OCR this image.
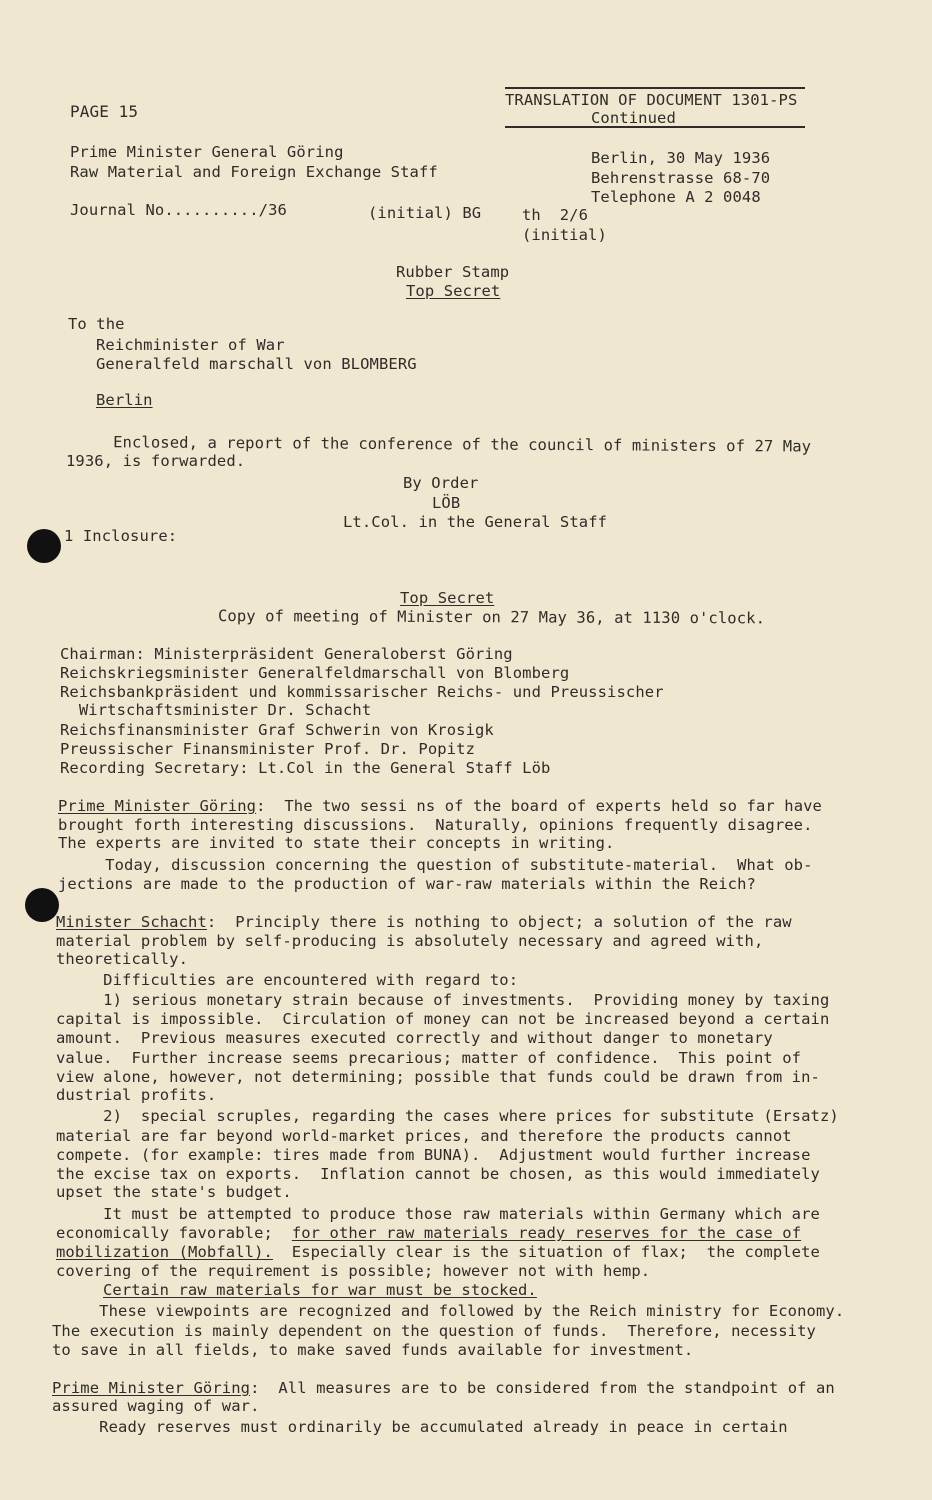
PAGE 15
TRANSLATION OF DOCUMENT 1301-PS
Continued
Prime Minister General Göring
Raw Material and Foreign Exchange Staff
Berlin, 30 May 1936
Behrenstrasse 68-70
Telephone A 2 0048
Journal No........../36	(initial) BG	th  2/6
(initial)
Rubber Stamp
Top Secret
To the
Reichminister of War
Generalfeld marschall von BLOMBERG
Berlin
Enclosed, a report of the conference of the council of ministers of 27 May
1936, is forwarded.
By Order
LÖB
Lt.Col. in the General Staff
1 Inclosure:
Top Secret
Copy of meeting of Minister on 27 May 36, at 1130 o'clock.
Chairman: Ministerpräsident Generaloberst Göring
Reichskriegsminister Generalfeldmarschall von Blomberg
Reichsbankpräsident und kommissarischer Reichs- und Preussischer
Wirtschaftsminister Dr. Schacht
Reichsfinansminister Graf Schwerin von Krosigk
Preussischer Finansminister Prof. Dr. Popitz
Recording Secretary: Lt.Col in the General Staff Löb
Prime Minister Göring:  The two sessi ns of the board of experts held so far have
brought forth interesting discussions.  Naturally, opinions frequently disagree.
The experts are invited to state their concepts in writing.
Today, discussion concerning the question of substitute-material.  What ob-
jections are made to the production of war-raw materials within the Reich?
Minister Schacht:  Principly there is nothing to object; a solution of the raw
material problem by self-producing is absolutely necessary and agreed with,
theoretically.
Difficulties are encountered with regard to:
1) serious monetary strain because of investments.  Providing money by taxing
capital is impossible.  Circulation of money can not be increased beyond a certain
amount.  Previous measures executed correctly and without danger to monetary
value.  Further increase seems precarious; matter of confidence.  This point of
view alone, however, not determining; possible that funds could be drawn from in-
dustrial profits.
2)  special scruples, regarding the cases where prices for substitute (Ersatz)
material are far beyond world-market prices, and therefore the products cannot
compete. (for example: tires made from BUNA).  Adjustment would further increase
the excise tax on exports.  Inflation cannot be chosen, as this would immediately
upset the state's budget.
It must be attempted to produce those raw materials within Germany which are
economically favorable; for other raw materials ready reserves for the case of
mobilization (Mobfall).  Especially clear is the situation of flax;  the complete
covering of the requirement is possible; however not with hemp.
Certain raw materials for war must be stocked.
These viewpoints are recognized and followed by the Reich ministry for Economy.
The execution is mainly dependent on the question of funds.  Therefore, necessity
to save in all fields, to make saved funds available for investment.
Prime Minister Göring:  All measures are to be considered from the standpoint of an
assured waging of war.
Ready reserves must ordinarily be accumulated already in peace in certain
